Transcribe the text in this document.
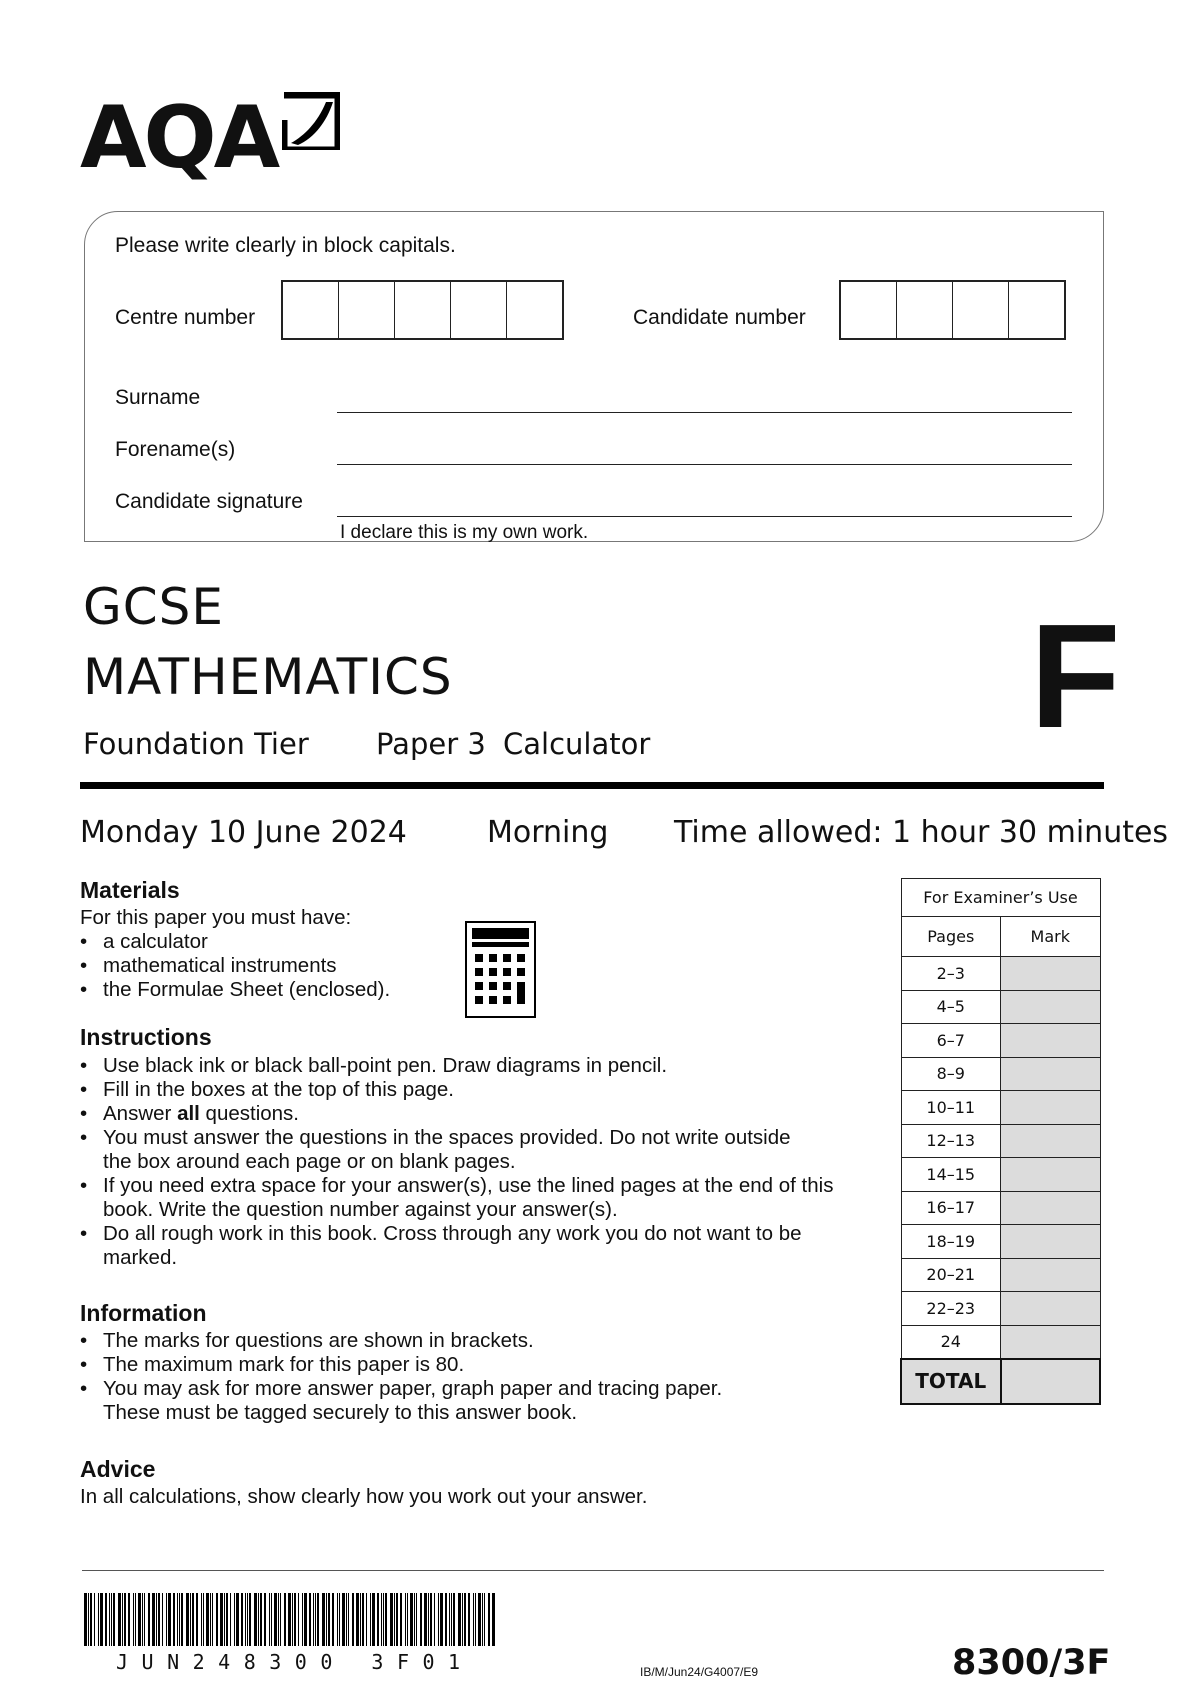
AQA
Please write clearly in block capitals.
Centre number	Candidate number
Surname
Forename(s)
Candidate signature
I declare this is my own work.
GCSE
MATHEMATICS
Foundation Tier Paper 3 Calculator	F
Monday 10 June 2024	Morning Time allowed: 1 hour 30 minutes
Materials
For this paper you must have:
• a calculator
• mathematical instruments
• the Formulae Sheet (enclosed).
Instructions
• Use black ink or black ball-point pen. Draw diagrams in pencil.
• Fill in the boxes at the top of this page.
• Answer all questions.
• You must answer the questions in the spaces provided. Do not write outside the box around each page or on blank pages.
• If you need extra space for your answer(s), use the lined pages at the end of this book. Write the question number against your answer(s).
• Do all rough work in this book. Cross through any work you do not want to be marked.
Information
• The marks for questions are shown in brackets.
• The maximum mark for this paper is 80.
• You may ask for more answer paper, graph paper and tracing paper. These must be tagged securely to this answer book.
Advice
In all calculations, show clearly how you work out your answer.
For Examiner’s Use	
Pages	Mark
2–3	
4–5	
6–7	
8–9	
10–11	
12–13	
14–15	
16–17	
18–19	
20–21	
22–23	
24	
TOTAL	
JUN248300 3F01	IB/M/Jun24/G4007/E9	8300/3F
